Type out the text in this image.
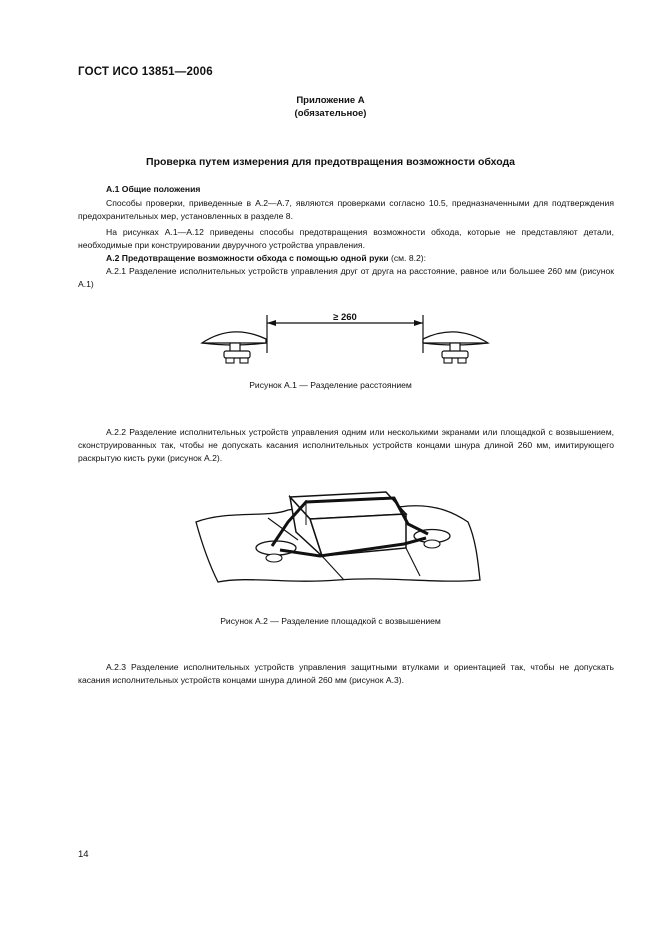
ГОСТ ИСО 13851—2006
Приложение А
(обязательное)
Проверка путем измерения для предотвращения возможности обхода
А.1 Общие положения
Способы проверки, приведенные в А.2—А.7, являются проверками согласно 10.5, предназначенными для подтверждения предохранительных мер, установленных в разделе 8.
На рисунках А.1—А.12 приведены способы предотвращения возможности обхода, которые не представляют детали, необходимые при конструировании двуручного устройства управления.
А.2 Предотвращение возможности обхода с помощью одной руки (см. 8.2):
А.2.1 Разделение исполнительных устройств управления друг от друга на расстояние, равное или большее 260 мм (рисунок А.1)
≥ 260
Рисунок А.1 — Разделение расстоянием
А.2.2 Разделение исполнительных устройств управления одним или несколькими экранами или площадкой с возвышением, сконструированных так, чтобы не допускать касания исполнительных устройств концами шнура длиной 260 мм, имитирующего раскрытую кисть руки (рисунок А.2).
Рисунок А.2 — Разделение площадкой с возвышением
А.2.3 Разделение исполнительных устройств управления защитными втулками и ориентацией так, чтобы не допускать касания исполнительных устройств концами шнура длиной 260 мм (рисунок А.3).
14
